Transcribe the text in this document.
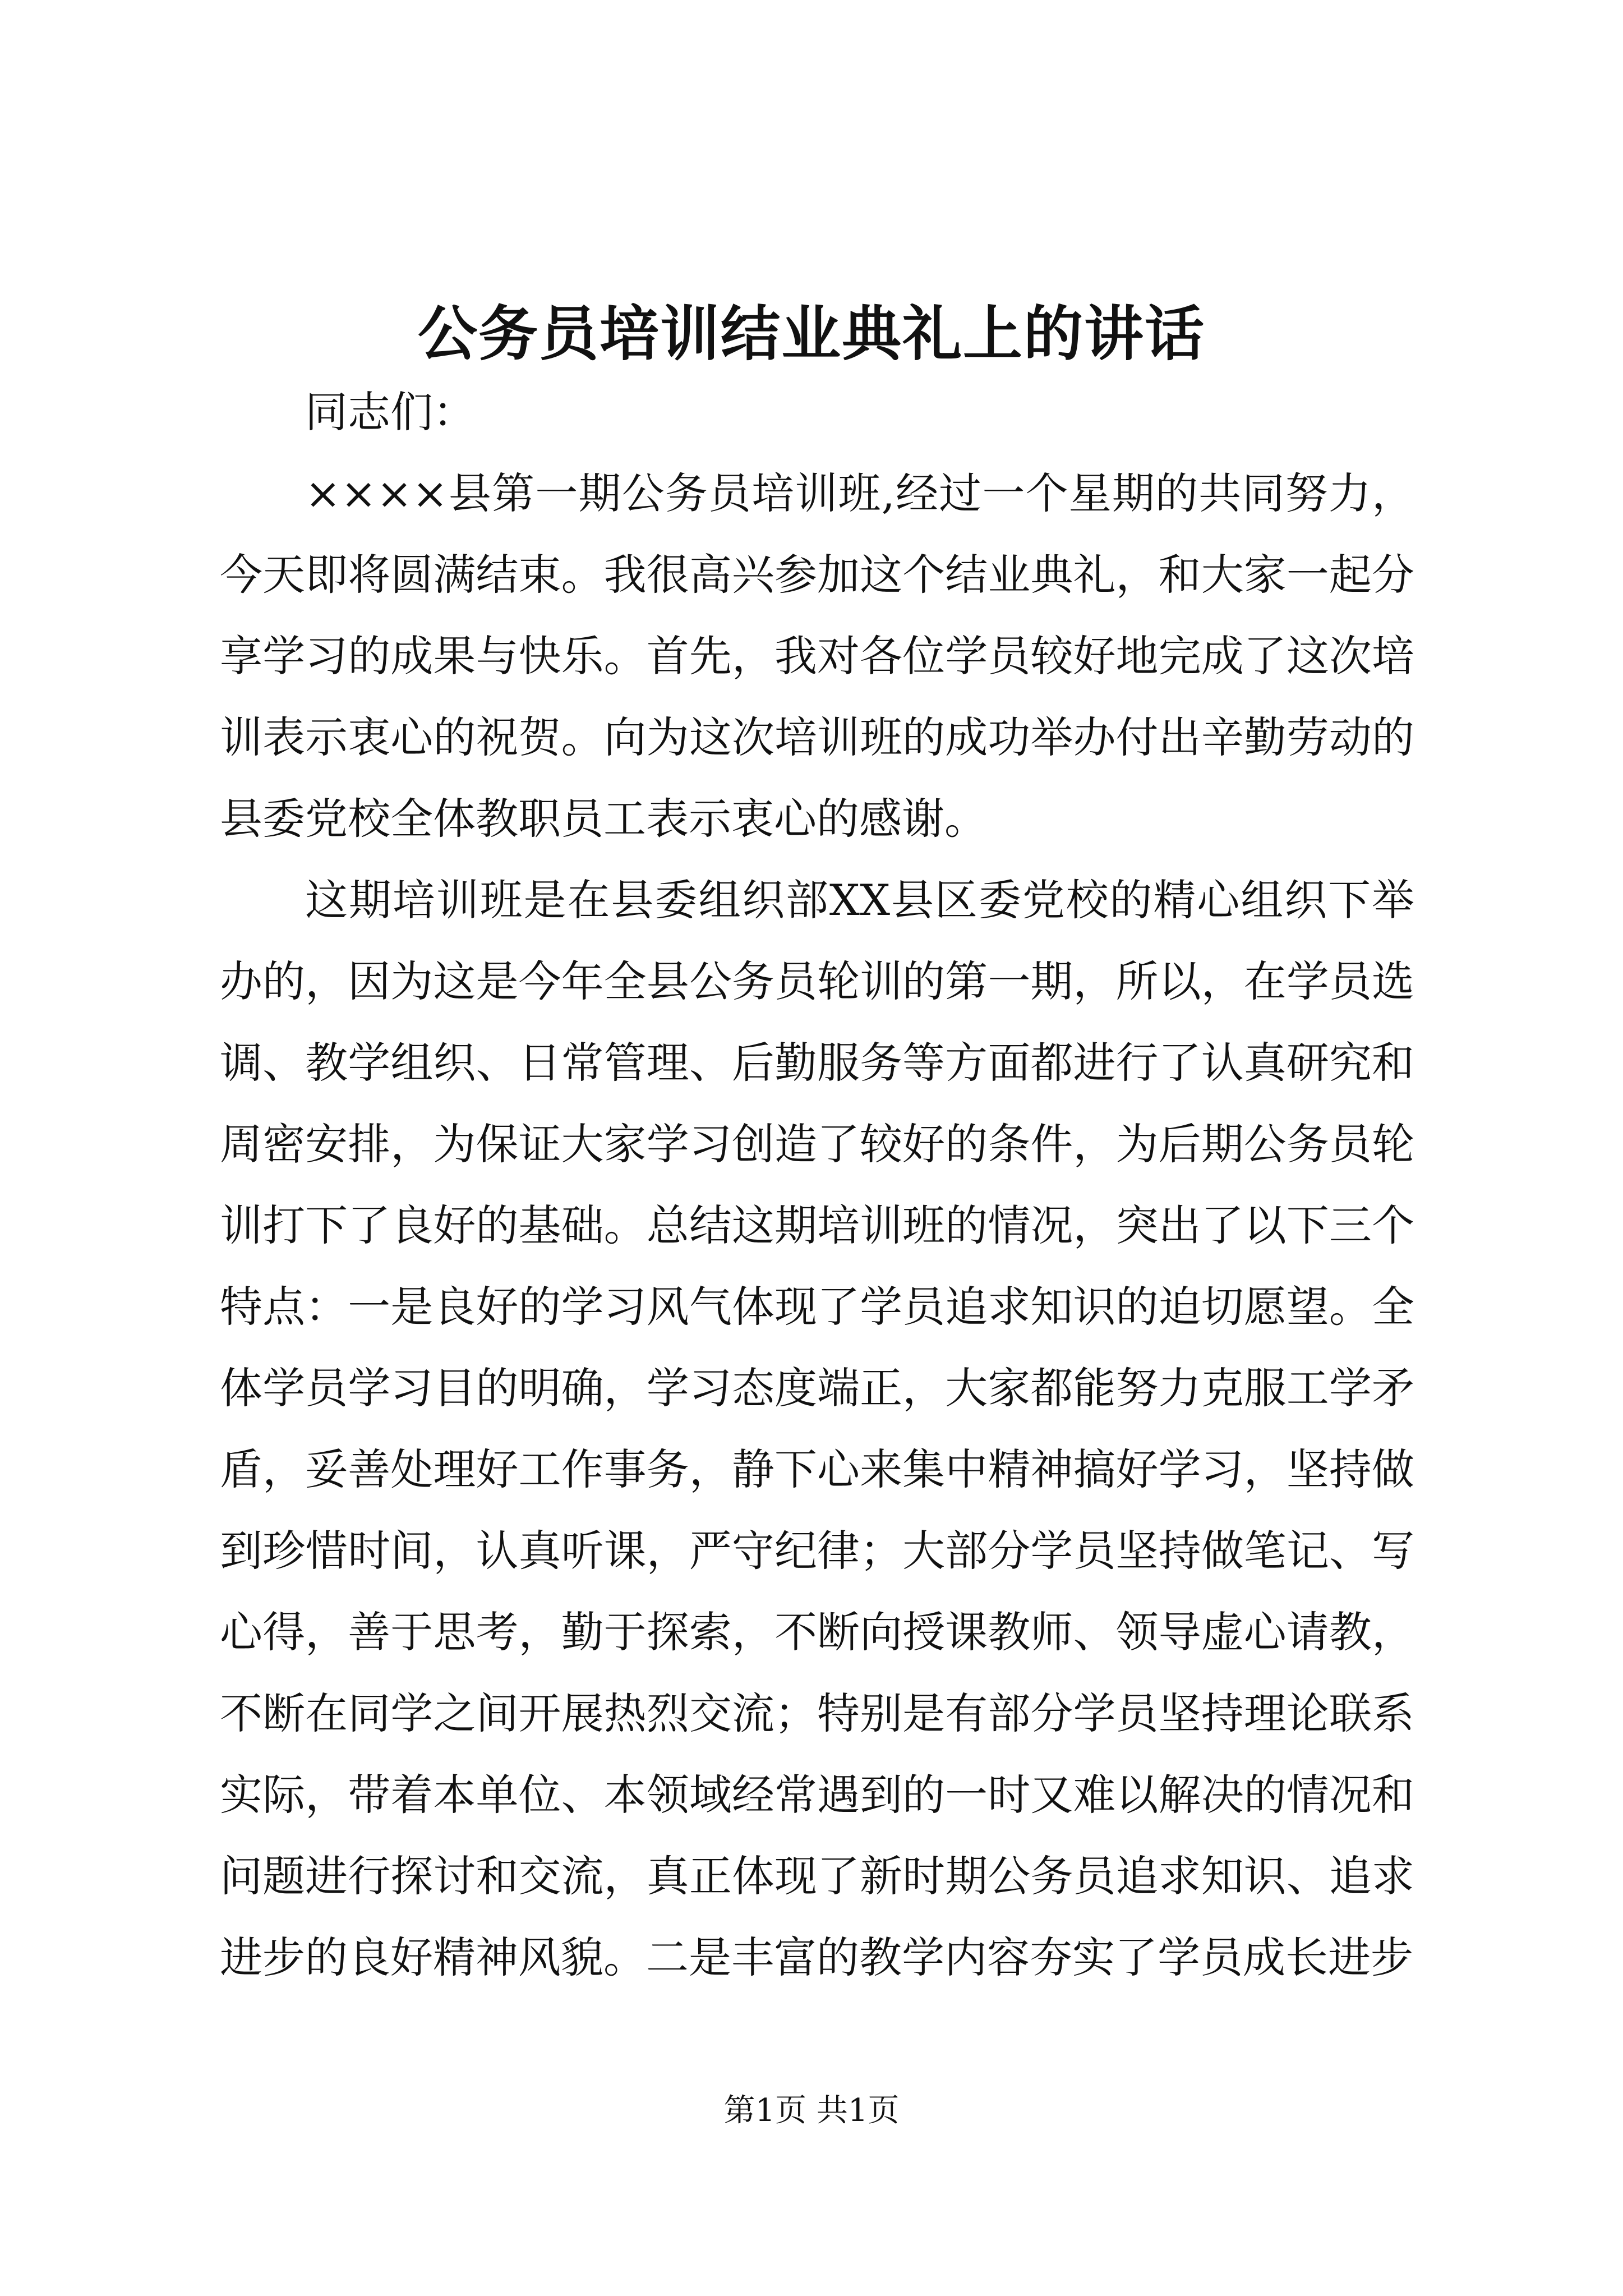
公务员培训结业典礼上的讲话

同志们：

××××县第一期公务员培训班,经过一个星期的共同努力，今天即将圆满结束。我很高兴参加这个结业典礼，和大家一起分享学习的成果与快乐。首先，我对各位学员较好地完成了这次培训表示衷心的祝贺。向为这次培训班的成功举办付出辛勤劳动的县委党校全体教职员工表示衷心的感谢。

这期培训班是在县委组织部XX县区委党校的精心组织下举办的，因为这是今年全县公务员轮训的第一期，所以，在学员选调、教学组织、日常管理、后勤服务等方面都进行了认真研究和周密安排，为保证大家学习创造了较好的条件，为后期公务员轮训打下了良好的基础。总结这期培训班的情况，突出了以下三个特点：一是良好的学习风气体现了学员追求知识的迫切愿望。全体学员学习目的明确，学习态度端正，大家都能努力克服工学矛盾，妥善处理好工作事务，静下心来集中精神搞好学习，坚持做到珍惜时间，认真听课，严守纪律；大部分学员坚持做笔记、写心得，善于思考，勤于探索，不断向授课教师、领导虚心请教，不断在同学之间开展热烈交流；特别是有部分学员坚持理论联系实际，带着本单位、本领域经常遇到的一时又难以解决的情况和问题进行探讨和交流，真正体现了新时期公务员追求知识、追求进步的良好精神风貌。二是丰富的教学内容夯实了学员成长进步

第1页 共1页
